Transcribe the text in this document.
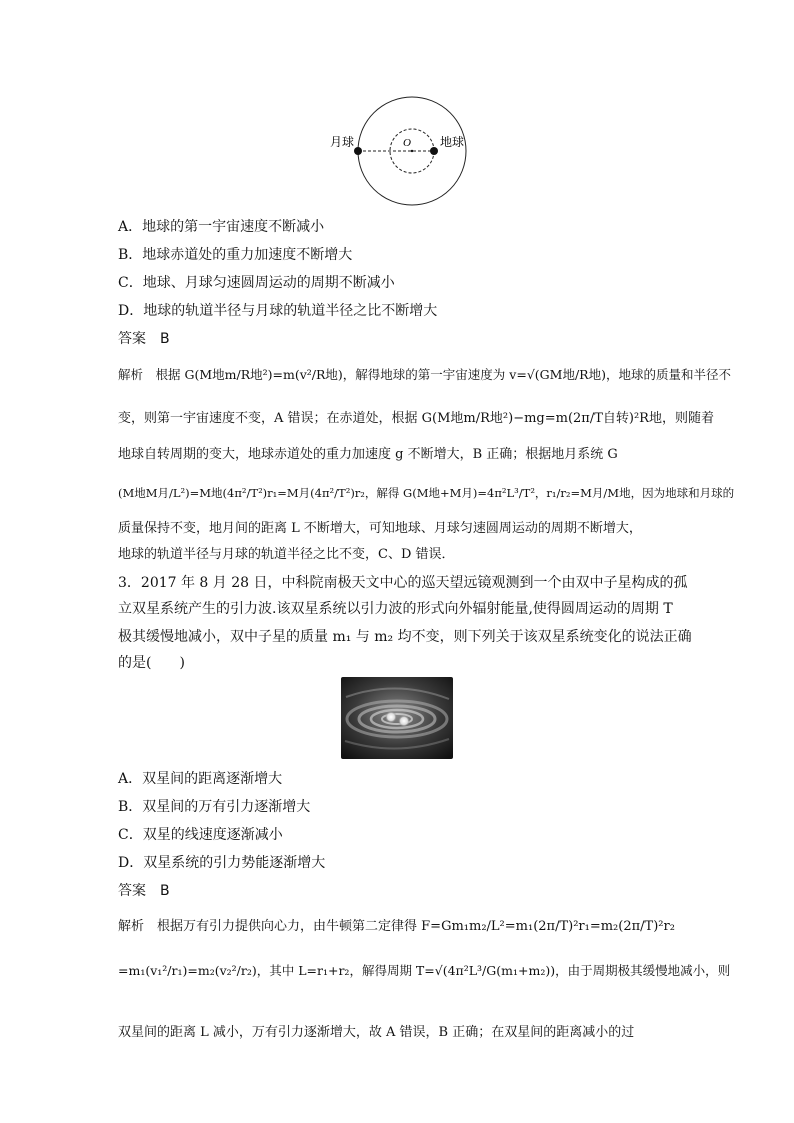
月球	地球
O
A．地球的第一宇宙速度不断减小
B．地球赤道处的重力加速度不断增大
C．地球、月球匀速圆周运动的周期不断减小
D．地球的轨道半径与月球的轨道半径之比不断增大
答案　B
解析　 根据 G(M地m/R地²)=m(v²/R地)，解得地球的第一宇宙速度为 v=√(GM地/R地)，地球的质量和半径不
变，则第一宇宙速度不变，A 错误；在赤道处，根据 G(M地m/R地²)−mg=m(2π/T自转)²R地，则随着
地球自转周期的变大，地球赤道处的重力加速度 g 不断增大，B 正确；根据地月系统 G
(M地M月/L²)=M地(4π²/T²)r₁=M月(4π²/T²)r₂，解得 G(M地+M月)=4π²L³/T²，r₁/r₂=M月/M地，因为地球和月球的
质量保持不变，地月间的距离 L 不断增大，可知地球、月球匀速圆周运动的周期不断增大，
地球的轨道半径与月球的轨道半径之比不变，C、D 错误．
3．2017 年 8 月 28 日，中科院南极天文中心的巡天望远镜观测到一个由双中子星构成的孤
立双星系统产生的引力波.该双星系统以引力波的形式向外辐射能量,使得圆周运动的周期 T
极其缓慢地减小，双中子星的质量 m₁ 与 m₂ 均不变，则下列关于该双星系统变化的说法正确
的是(　　)
A．双星间的距离逐渐增大
B．双星间的万有引力逐渐增大
C．双星的线速度逐渐减小
D．双星系统的引力势能逐渐增大
答案　B
解析　 根据万有引力提供向心力，由牛顿第二定律得 F=Gm₁m₂/L²=m₁(2π/T)²r₁=m₂(2π/T)²r₂
=m₁(v₁²/r₁)=m₂(v₂²/r₂)，其中 L=r₁+r₂，解得周期 T=√(4π²L³/G(m₁+m₂))，由于周期极其缓慢地减小，则
双星间的距离 L 减小，万有引力逐渐增大，故 A 错误，B 正确；在双星间的距离减小的过
